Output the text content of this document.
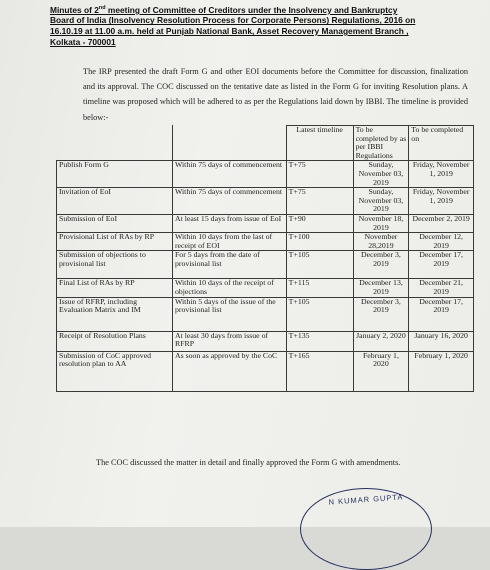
Minutes of 2nd meeting of Committee of Creditors under the Insolvency and Bankruptcy
Board of India (Insolvency Resolution Process for Corporate Persons) Regulations, 2016 on
16.10.19 at 11.00 a.m. held at Punjab National Bank, Asset Recovery Management Branch ,
Kolkata - 700001
The IRP presented the draft Form G and other EOI documents before the Committee for discussion, finalization and its approval. The COC discussed on the tentative date as listed in the Form G for inviting Resolution plans. A timeline was proposed which will be adhered to as per the Regulations laid down by IBBI. The timeline is provided below:-
		Latest timeline	To be completed by as per IBBI Regulations	To be completed on
Publish Form G	Within 75 days of commencement	T+75	Sunday, November 03, 2019	Friday, November 1, 2019
Invitation of EoI	Within 75 days of commencement	T+75	Sunday, November 03, 2019	Friday, November 1, 2019
Submission of EoI	At least 15 days from issue of EoI	T+90	November 18, 2019	December 2, 2019
Provisional List of RAs by RP	Within 10 days from the last of receipt of EOI	T+100	November 28,2019	December 12, 2019
Submission of objections to provisional list	For 5 days from the date of provisional list	T+105	December 3, 2019	December 17, 2019
Final List of RAs by RP	Within 10 days of the receipt of objections	T+115	December 13, 2019	December 21, 2019
Issue of RFRP, including Evaluation Matrix and IM	Within 5 days of the issue of the provisional list	T+105	December 3, 2019	December 17, 2019
Receipt of Resolution Plans	At least 30 days from issue of RFRP	T+135	January 2, 2020	January 16, 2020
Submission of CoC approved resolution plan to AA	As soon as approved by the CoC	T+165	February 1, 2020	February 1, 2020
The COC discussed the matter in detail and finally approved the Form G with amendments.
N KUMAR GUPTA
